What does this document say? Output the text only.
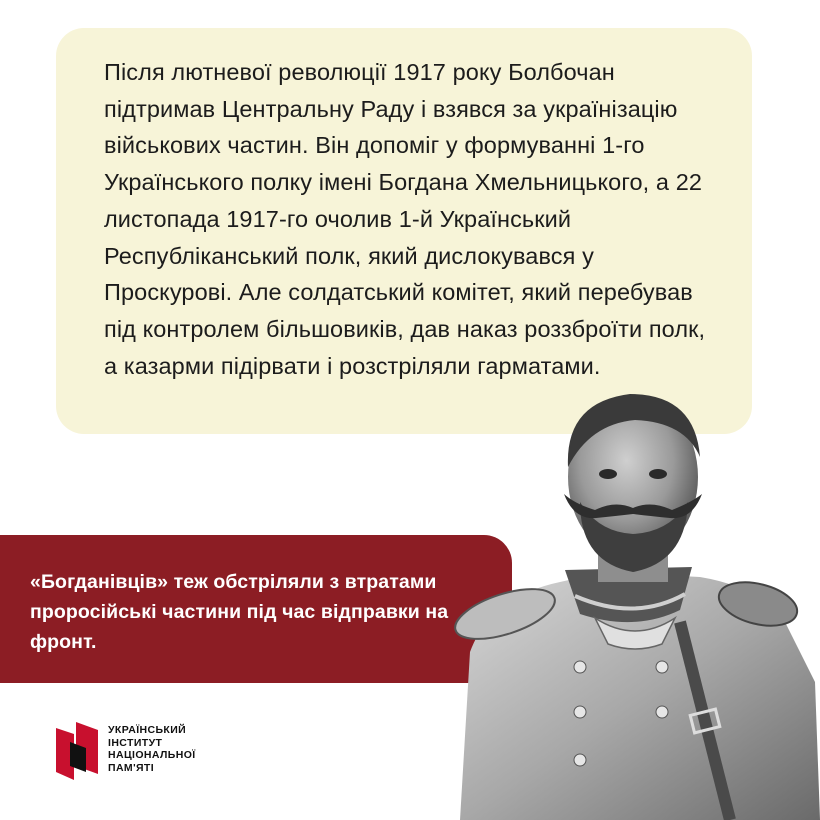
Після лютневої революції 1917 року Болбочан підтримав Центральну Раду і взявся за українізацію військових частин. Він допоміг у формуванні 1-го Українського полку імені Богдана Хмельницького, а 22 листопада 1917-го очолив 1-й Український Республіканський полк, який дислокувався у Проскурові. Але солдатський комітет, який перебував під контролем більшовиків, дав наказ роззброїти полк, а казарми підірвати і розстріляли гарматами.

«Богданівців» теж обстріляли з втратами проросійські частини під час відправки на фронт.

УКРАЇНСЬКИЙ
ІНСТИТУТ
НАЦІОНАЛЬНОЇ
ПАМ'ЯТІ
